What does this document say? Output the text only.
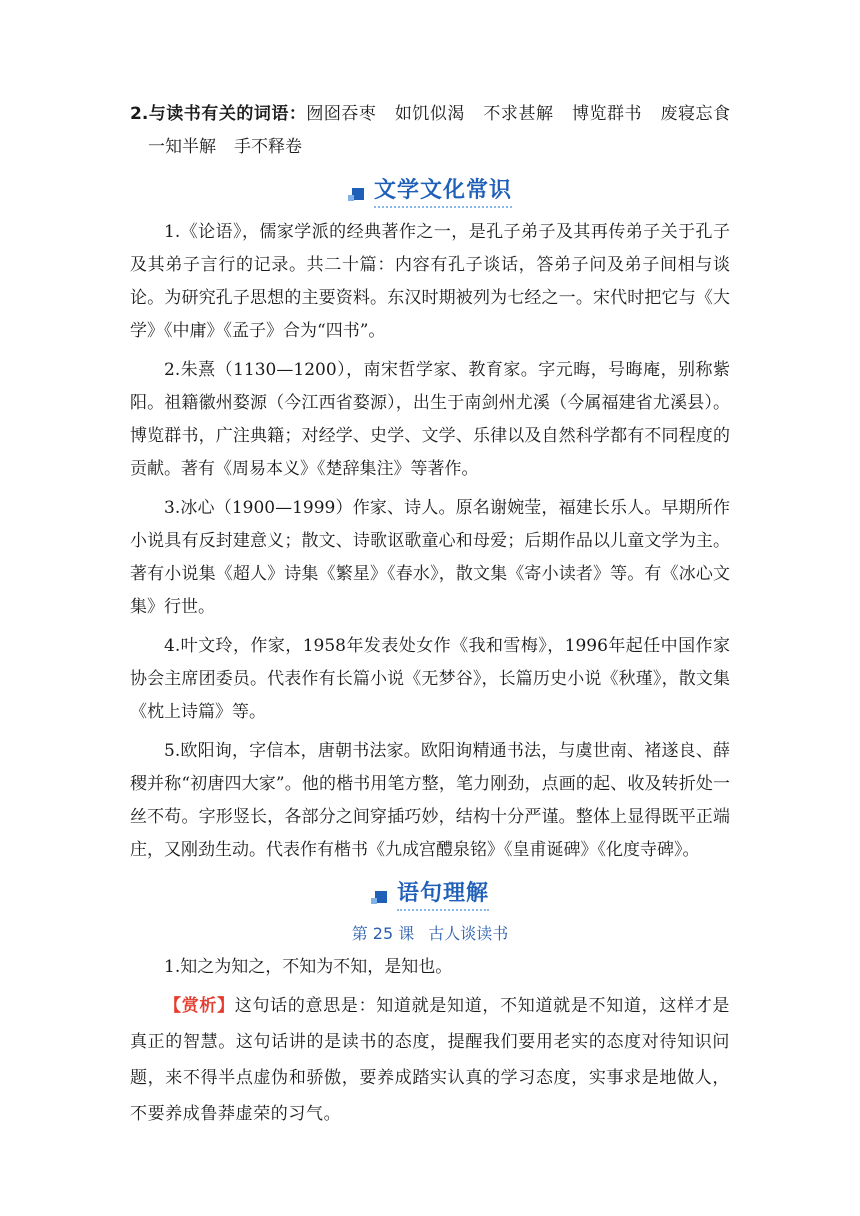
2.与读书有关的词语：囫囵吞枣 如饥似渴 不求甚解 博览群书 废寝忘食一知半解 手不释卷

文学文化常识

1.《论语》，儒家学派的经典著作之一，是孔子弟子及其再传弟子关于孔子及其弟子言行的记录。共二十篇：内容有孔子谈话，答弟子问及弟子间相与谈论。为研究孔子思想的主要资料。东汉时期被列为七经之一。宋代时把它与《大学》《中庸》《孟子》合为“四书”。

2.朱熹（1130—1200），南宋哲学家、教育家。字元晦，号晦庵，别称紫阳。祖籍徽州婺源（今江西省婺源），出生于南剑州尤溪（今属福建省尤溪县）。博览群书，广注典籍；对经学、史学、文学、乐律以及自然科学都有不同程度的贡献。著有《周易本义》《楚辞集注》等著作。

3.冰心（1900—1999）作家、诗人。原名谢婉莹，福建长乐人。早期所作小说具有反封建意义；散文、诗歌讴歌童心和母爱；后期作品以儿童文学为主。著有小说集《超人》诗集《繁星》《春水》，散文集《寄小读者》等。有《冰心文集》行世。

4.叶文玲，作家，1958年发表处女作《我和雪梅》，1996年起任中国作家协会主席团委员。代表作有长篇小说《无梦谷》，长篇历史小说《秋瑾》，散文集《枕上诗篇》等。

5.欧阳询，字信本，唐朝书法家。欧阳询精通书法，与虞世南、褚遂良、薛稷并称“初唐四大家”。他的楷书用笔方整，笔力刚劲，点画的起、收及转折处一丝不苟。字形竖长，各部分之间穿插巧妙，结构十分严谨。整体上显得既平正端庄，又刚劲生动。代表作有楷书《九成宫醴泉铭》《皇甫诞碑》《化度寺碑》。

语句理解
第 25 课 古人谈读书

1.知之为知之，不知为不知，是知也。

【赏析】这句话的意思是：知道就是知道，不知道就是不知道，这样才是真正的智慧。这句话讲的是读书的态度，提醒我们要用老实的态度对待知识问题，来不得半点虚伪和骄傲，要养成踏实认真的学习态度，实事求是地做人，不要养成鲁莽虚荣的习气。
